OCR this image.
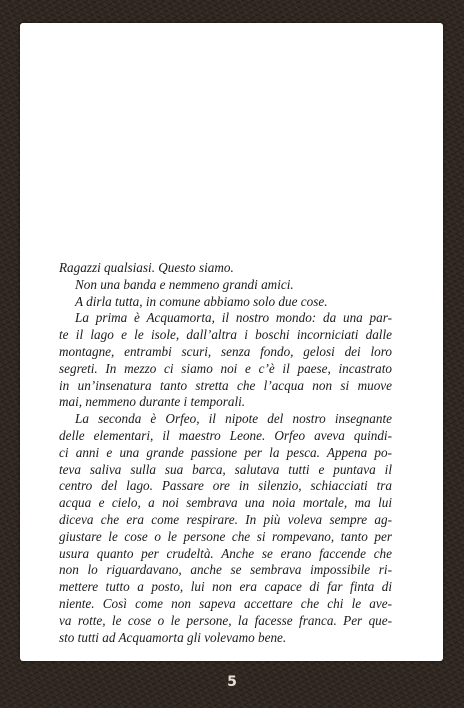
Ragazzi qualsiasi. Questo siamo.

Non una banda e nemmeno grandi amici.

A dirla tutta, in comune abbiamo solo due cose.

La prima è Acquamorta, il nostro mondo: da una par-
te il lago e le isole, dall’altra i boschi incorniciati dalle
montagne, entrambi scuri, senza fondo, gelosi dei loro
segreti. In mezzo ci siamo noi e c’è il paese, incastrato
in un’insenatura tanto stretta che l’acqua non si muove
mai, nemmeno durante i temporali.

La seconda è Orfeo, il nipote del nostro insegnante
delle elementari, il maestro Leone. Orfeo aveva quindi-
ci anni e una grande passione per la pesca. Appena po-
teva saliva sulla sua barca, salutava tutti e puntava il
centro del lago. Passare ore in silenzio, schiacciati tra
acqua e cielo, a noi sembrava una noia mortale, ma lui
diceva che era come respirare. In più voleva sempre ag-
giustare le cose o le persone che si rompevano, tanto per
usura quanto per crudeltà. Anche se erano faccende che
non lo riguardavano, anche se sembrava impossibile ri-
mettere tutto a posto, lui non era capace di far finta di
niente. Così come non sapeva accettare che chi le ave-
va rotte, le cose o le persone, la facesse franca. Per que-
sto tutti ad Acquamorta gli volevamo bene.

5
